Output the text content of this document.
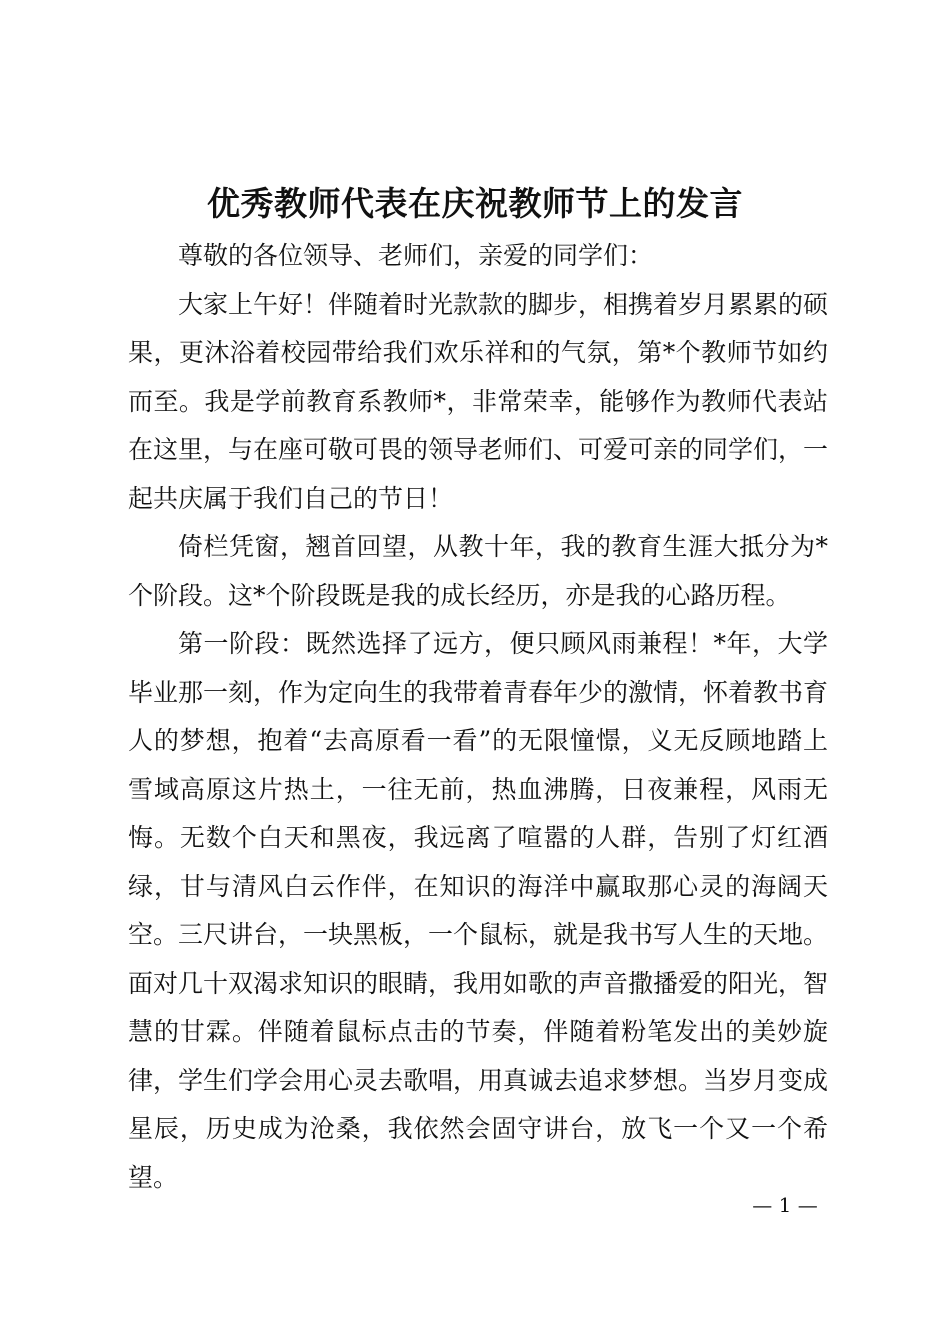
优秀教师代表在庆祝教师节上的发言

尊敬的各位领导、老师们，亲爱的同学们：

大家上午好！伴随着时光款款的脚步，相携着岁月累累的硕果，更沐浴着校园带给我们欢乐祥和的气氛，第*个教师节如约而至。我是学前教育系教师*，非常荣幸，能够作为教师代表站在这里，与在座可敬可畏的领导老师们、可爱可亲的同学们，一起共庆属于我们自己的节日！

倚栏凭窗，翘首回望，从教十年，我的教育生涯大抵分为*个阶段。这*个阶段既是我的成长经历，亦是我的心路历程。

第一阶段：既然选择了远方，便只顾风雨兼程！*年，大学毕业那一刻，作为定向生的我带着青春年少的激情，怀着教书育人的梦想，抱着“去高原看一看”的无限憧憬，义无反顾地踏上雪域高原这片热土，一往无前，热血沸腾，日夜兼程，风雨无悔。无数个白天和黑夜，我远离了喧嚣的人群，告别了灯红酒绿，甘与清风白云作伴，在知识的海洋中赢取那心灵的海阔天空。三尺讲台，一块黑板，一个鼠标，就是我书写人生的天地。面对几十双渴求知识的眼睛，我用如歌的声音撒播爱的阳光，智慧的甘霖。伴随着鼠标点击的节奏，伴随着粉笔发出的美妙旋律，学生们学会用心灵去歌唱，用真诚去追求梦想。当岁月变成星辰，历史成为沧桑，我依然会固守讲台，放飞一个又一个希望。

— 1 —
